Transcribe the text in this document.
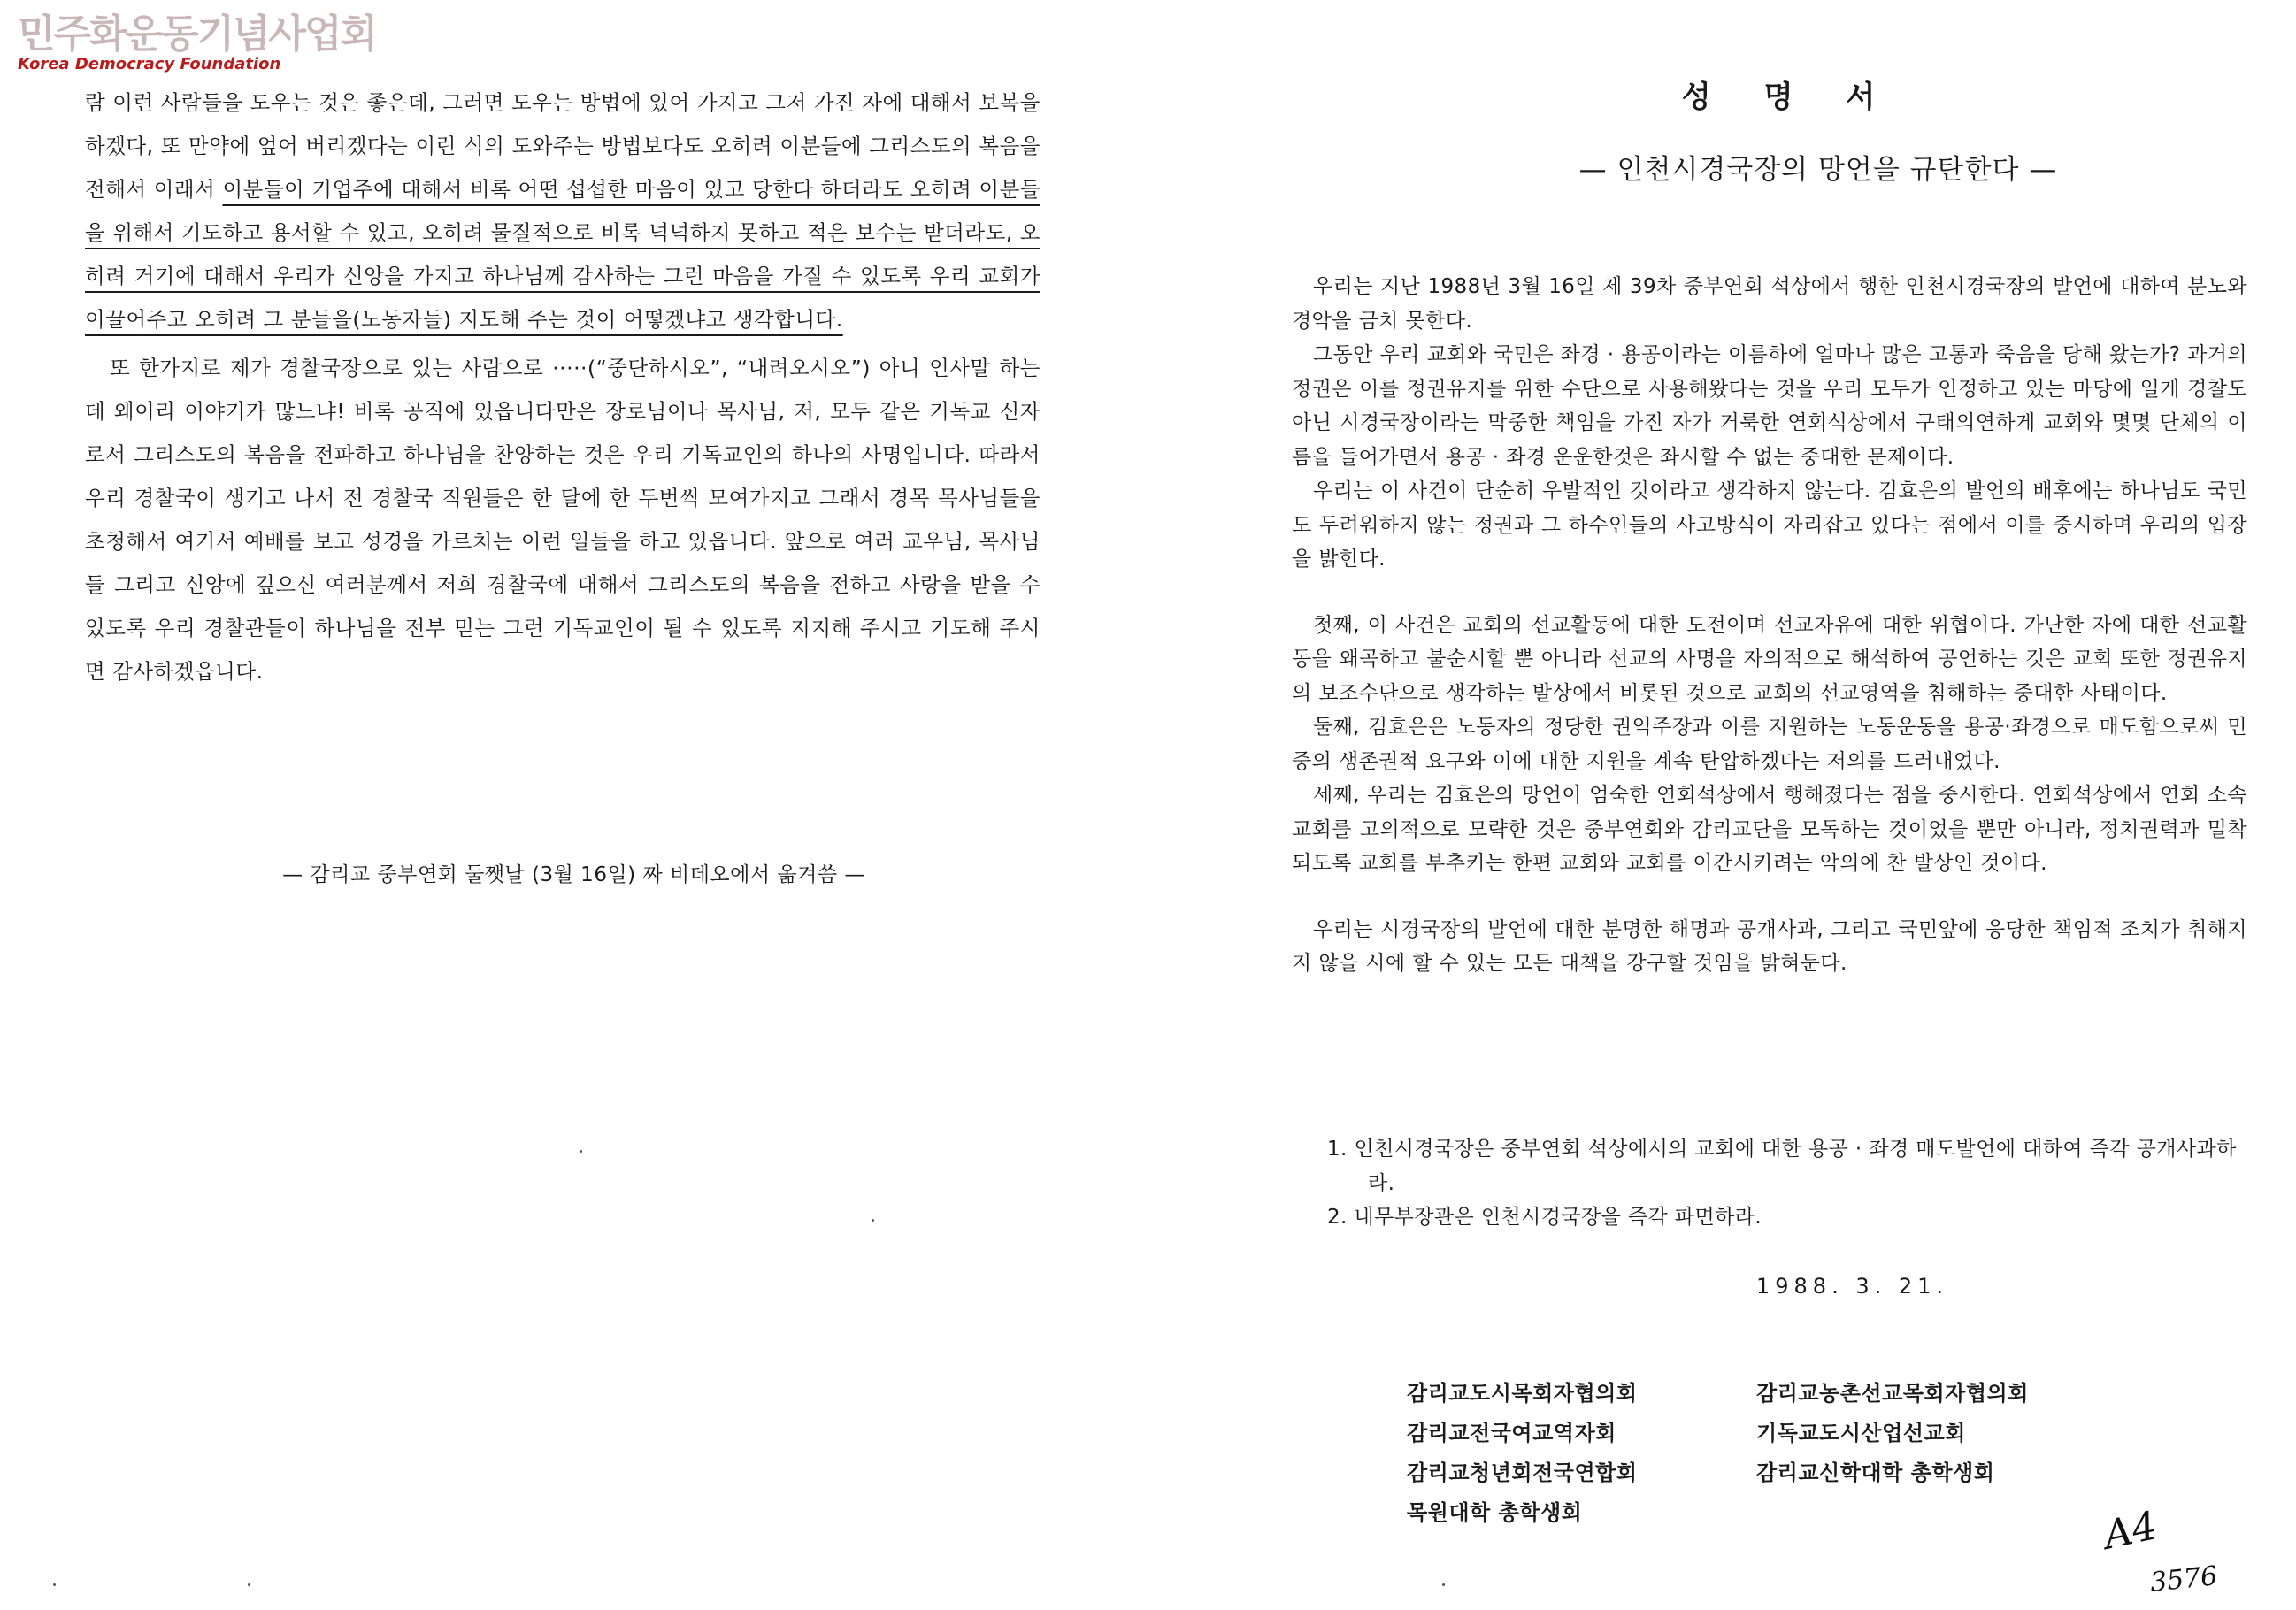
민주화운동기념사업회
Korea Democracy Foundation

람 이런 사람들을 도우는 것은 좋은데, 그러면 도우는 방법에 있어 가지고 그저 가진 자에 대해서 보복을 하겠다, 또 만약에 엎어 버리겠다는 이런 식의 도와주는 방법보다도 오히려 이분들에 그리스도의 복음을 전해서 이래서 이분들이 기업주에 대해서 비록 어떤 섭섭한 마음이 있고 당한다 하더라도 오히려 이분들을 위해서 기도하고 용서할 수 있고, 오히려 물질적으로 비록 넉넉하지 못하고 적은 보수는 받더라도, 오히려 거기에 대해서 우리가 신앙을 가지고 하나님께 감사하는 그런 마음을 가질 수 있도록 우리 교회가 이끌어주고 오히려 그 분들을(노동자들) 지도해 주는 것이 어떻겠냐고 생각합니다.

또 한가지로 제가 경찰국장으로 있는 사람으로 ·····(“중단하시오”, “내려오시오”) 아니 인사말 하는데 왜이리 이야기가 많느냐! 비록 공직에 있읍니다만은 장로님이나 목사님, 저, 모두 같은 기독교 신자로서 그리스도의 복음을 전파하고 하나님을 찬양하는 것은 우리 기독교인의 하나의 사명입니다. 따라서 우리 경찰국이 생기고 나서 전 경찰국 직원들은 한 달에 한 두번씩 모여가지고 그래서 경목 목사님들을 초청해서 여기서 예배를 보고 성경을 가르치는 이런 일들을 하고 있읍니다. 앞으로 여러 교우님, 목사님들 그리고 신앙에 깊으신 여러분께서 저희 경찰국에 대해서 그리스도의 복음을 전하고 사랑을 받을 수 있도록 우리 경찰관들이 하나님을 전부 믿는 그런 기독교인이 될 수 있도록 지지해 주시고 기도해 주시면 감사하겠읍니다.

— 감리교 중부연회 둘쨋날 (3월 16일) 짜 비데오에서 옮겨씀 —
성명서
— 인천시경국장의 망언을 규탄한다 —

우리는 지난 1988년 3월 16일 제 39차 중부연회 석상에서 행한 인천시경국장의 발언에 대하여 분노와 경악을 금치 못한다.

그동안 우리 교회와 국민은 좌경 · 용공이라는 이름하에 얼마나 많은 고통과 죽음을 당해 왔는가? 과거의 정권은 이를 정권유지를 위한 수단으로 사용해왔다는 것을 우리 모두가 인정하고 있는 마당에 일개 경찰도 아닌 시경국장이라는 막중한 책임을 가진 자가 거룩한 연회석상에서 구태의연하게 교회와 몇몇 단체의 이름을 들어가면서 용공 · 좌경 운운한것은 좌시할 수 없는 중대한 문제이다.

우리는 이 사건이 단순히 우발적인 것이라고 생각하지 않는다. 김효은의 발언의 배후에는 하나님도 국민도 두려워하지 않는 정권과 그 하수인들의 사고방식이 자리잡고 있다는 점에서 이를 중시하며 우리의 입장을 밝힌다.

첫째, 이 사건은 교회의 선교활동에 대한 도전이며 선교자유에 대한 위협이다. 가난한 자에 대한 선교활동을 왜곡하고 불순시할 뿐 아니라 선교의 사명을 자의적으로 해석하여 공언하는 것은 교회 또한 정권유지의 보조수단으로 생각하는 발상에서 비롯된 것으로 교회의 선교영역을 침해하는 중대한 사태이다.

둘째, 김효은은 노동자의 정당한 권익주장과 이를 지원하는 노동운동을 용공·좌경으로 매도함으로써 민중의 생존권적 요구와 이에 대한 지원을 계속 탄압하겠다는 저의를 드러내었다.

세째, 우리는 김효은의 망언이 엄숙한 연회석상에서 행해졌다는 점을 중시한다. 연회석상에서 연회 소속교회를 고의적으로 모략한 것은 중부연회와 감리교단을 모독하는 것이었을 뿐만 아니라, 정치권력과 밀착되도록 교회를 부추키는 한편 교회와 교회를 이간시키려는 악의에 찬 발상인 것이다.

우리는 시경국장의 발언에 대한 분명한 해명과 공개사과, 그리고 국민앞에 응당한 책임적 조치가 취해지지 않을 시에 할 수 있는 모든 대책을 강구할 것임을 밝혀둔다.

1. 인천시경국장은 중부연회 석상에서의 교회에 대한 용공 · 좌경 매도발언에 대하여 즉각 공개사과하라.
2. 내무부장관은 인천시경국장을 즉각 파면하라.
1988. 3. 21.
감리교도시목회자협의회	감리교농촌선교목회자협의회
감리교전국여교역자회	기독교도시산업선교회
감리교청년회전국연합회	감리교신학대학 총학생회
목원대학 총학생회	A4
3576
